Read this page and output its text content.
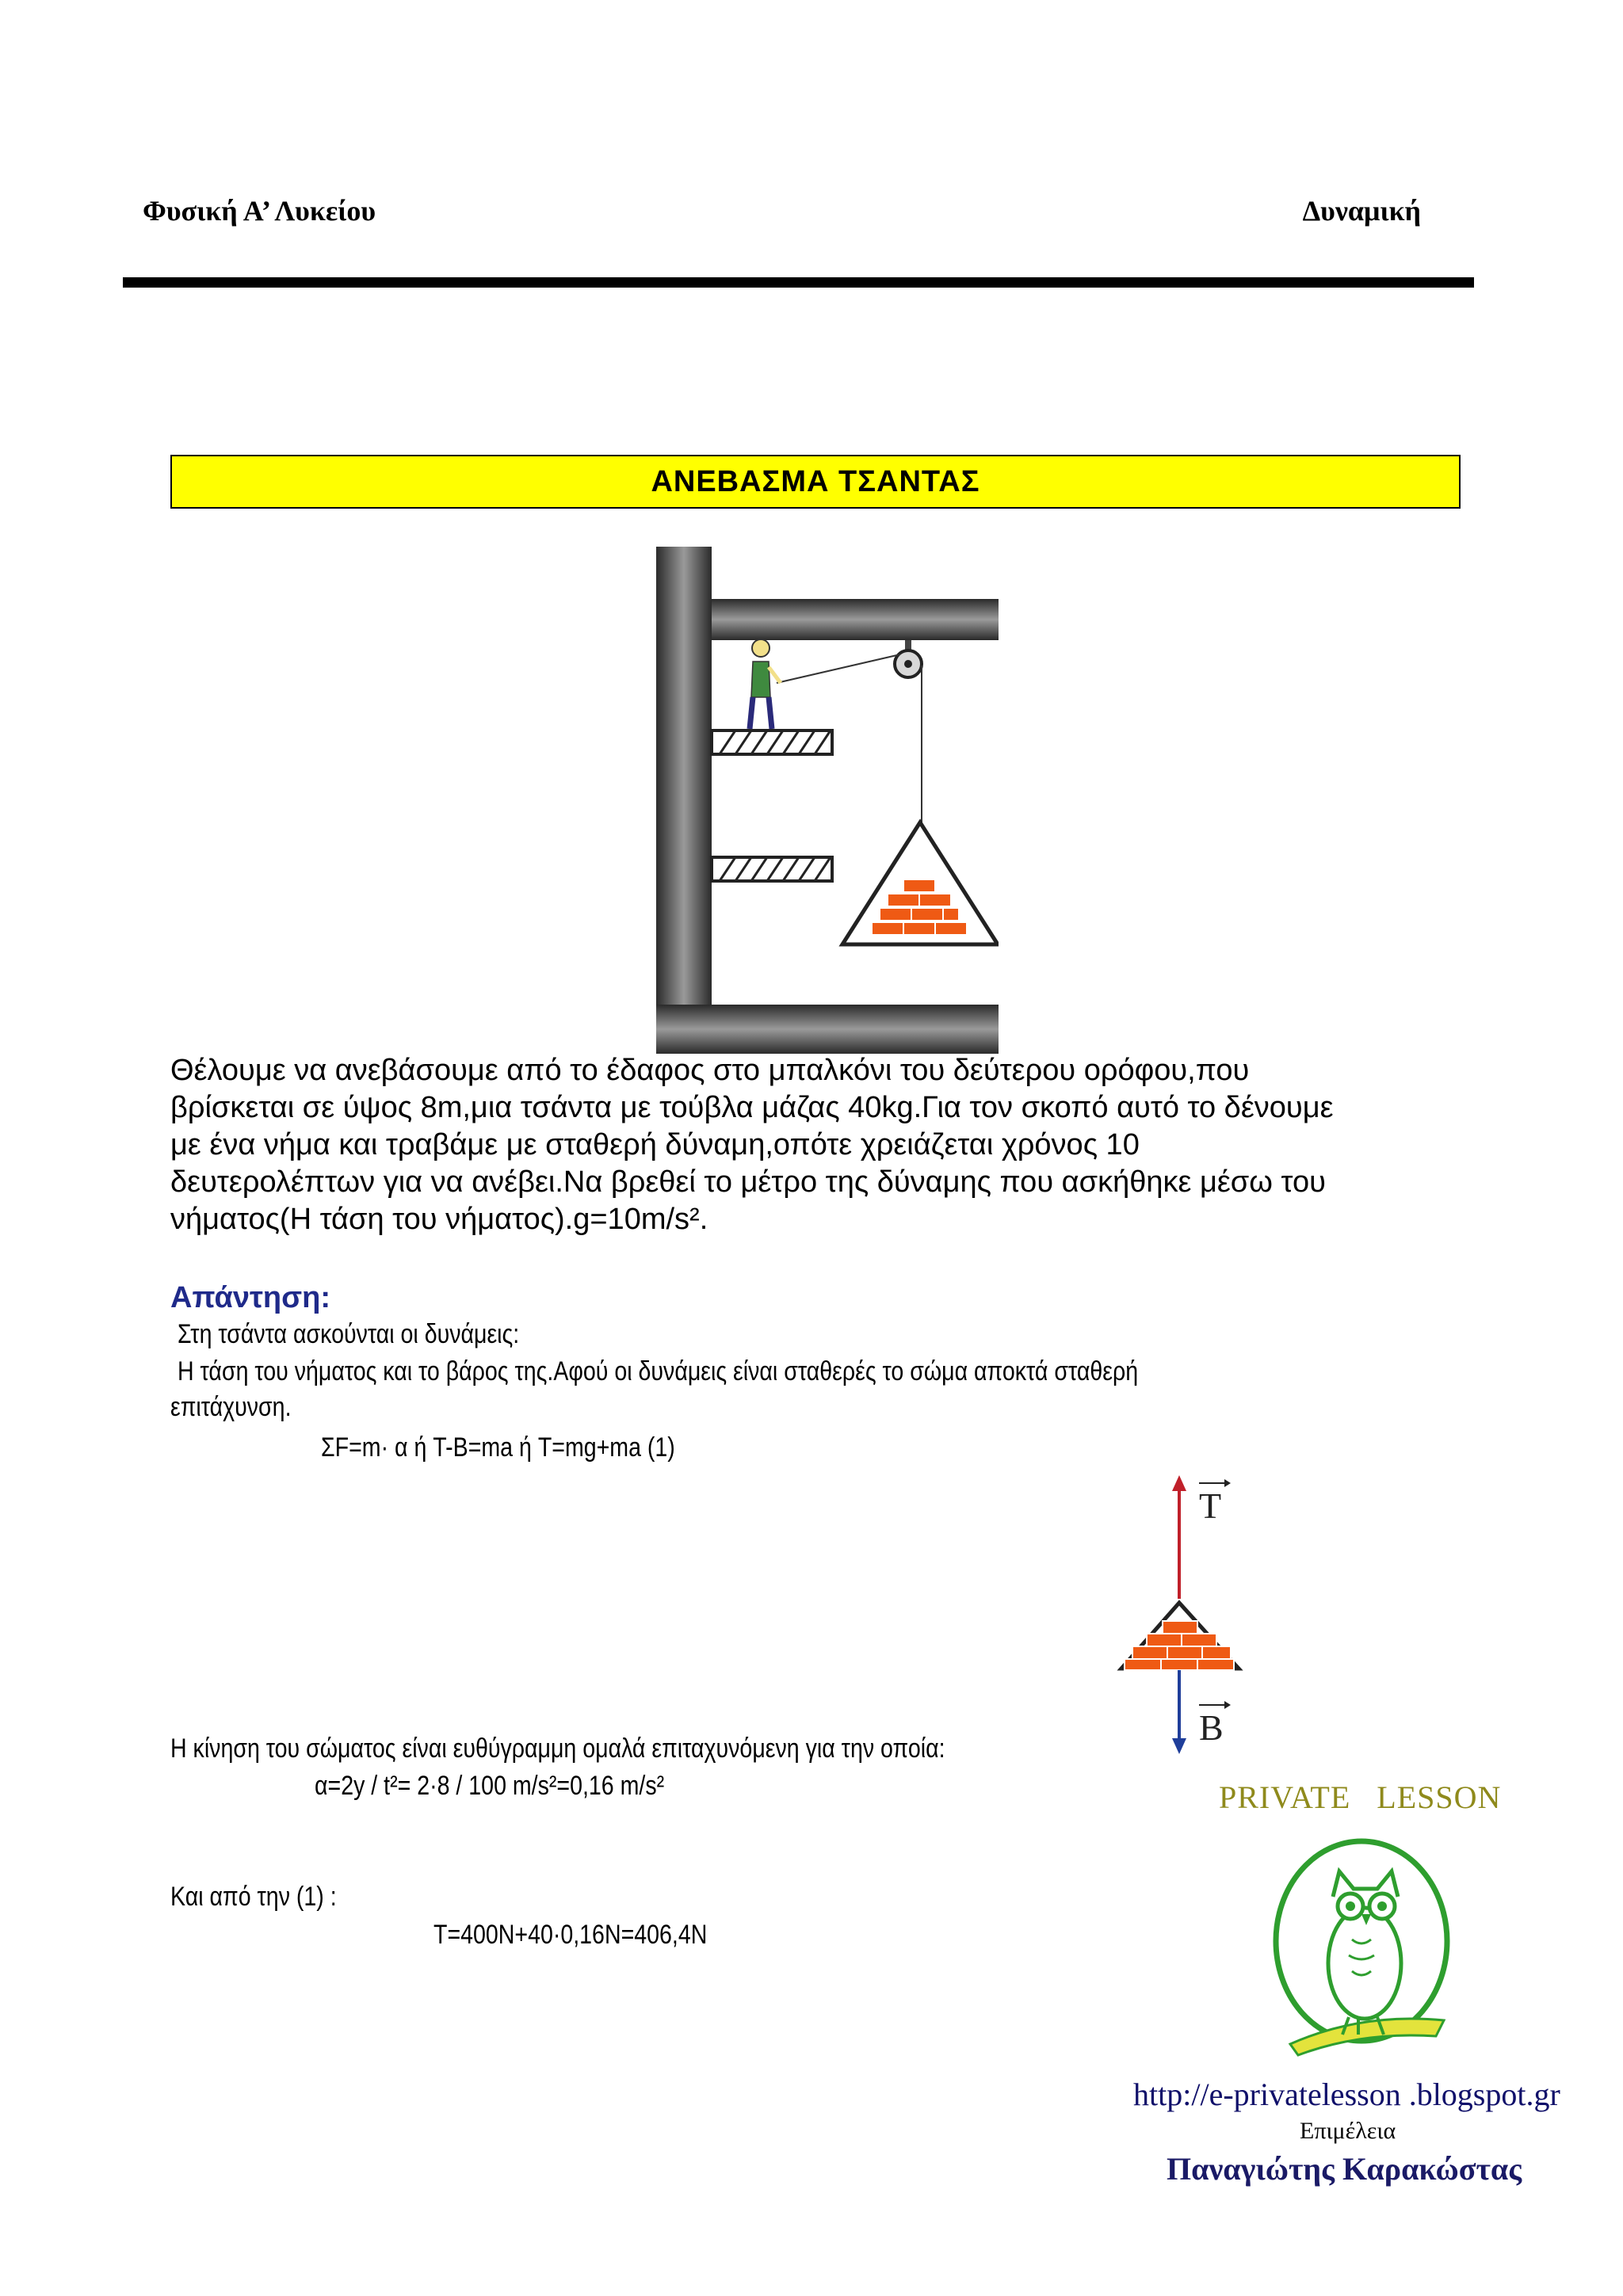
Φυσική Α’ Λυκείου	Δυναμική
ΑΝΕΒΑΣΜΑ ΤΣΑΝΤΑΣ
Θέλουμε να ανεβάσουμε από το έδαφος στο μπαλκόνι του δεύτερου ορόφου,που
βρίσκεται σε ύψος 8m,μια τσάντα με τούβλα μάζας 40kg.Για τον σκοπό αυτό το δένουμε
με ένα νήμα και τραβάμε με σταθερή δύναμη,οπότε χρειάζεται χρόνος 10
δευτερολέπτων για να ανέβει.Να βρεθεί το μέτρο της δύναμης που ασκήθηκε μέσω του
νήματος(Η τάση του νήματος).g=10m/s².
Απάντηση:
Στη τσάντα ασκούνται οι δυνάμεις:
Η τάση του νήματος και το βάρος της.Αφού οι δυνάμεις είναι σταθερές το σώμα αποκτά σταθερή
επιτάχυνση.
ΣF=m· α ή T-B=ma ή T=mg+ma (1)
T
B
Η κίνηση του σώματος είναι ευθύγραμμη ομαλά επιταχυνόμενη για την οποία:
α=2y / t²= 2·8 / 100 m/s²=0,16 m/s²
Και από την (1) :
T=400N+40·0,16N=406,4N
PRIVATE LESSON
http://e-privatelesson .blogspot.gr
Επιμέλεια
Παναγιώτης Καρακώστας
